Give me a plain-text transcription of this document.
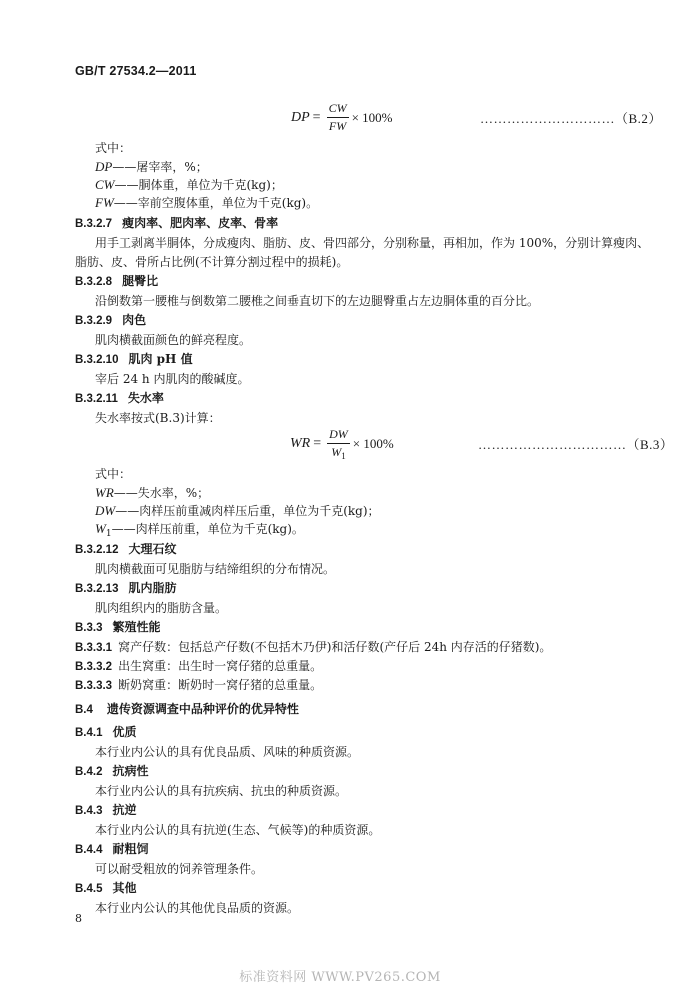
GB/T 27534.2—2011
DP = $\frac{CW}{FW} \times 100\%$	…………………………（B.2）
式中：
DP——屠宰率，%；
CW——胴体重，单位为千克(kg)；
FW——宰前空腹体重，单位为千克(kg)。
B.3.2.7 瘦肉率、肥肉率、皮率、骨率
用手工剥离半胴体，分成瘦肉、脂肪、皮、骨四部分，分别称量，再相加，作为 100%，分别计算瘦肉、
脂肪、皮、骨所占比例(不计算分割过程中的损耗)。
B.3.2.8 腿臀比
沿倒数第一腰椎与倒数第二腰椎之间垂直切下的左边腿臀重占左边胴体重的百分比。
B.3.2.9 肉色
肌肉横截面颜色的鲜亮程度。
B.3.2.10 肌肉 pH 值
宰后 24 h 内肌肉的酸碱度。
B.3.2.11 失水率
失水率按式(B.3)计算：
WR = $\frac{DW}{W_1} \times 100\%$	……………………………（B.3）
式中：
WR——失水率，%；
DW——肉样压前重减肉样压后重，单位为千克(kg)；
$W_1——$肉样压前重，单位为千克(kg)。
B.3.2.12 大理石纹
肌肉横截面可见脂肪与结缔组织的分布情况。
B.3.2.13 肌内脂肪
肌肉组织内的脂肪含量。
B.3.3 繁殖性能
B.3.3.1 窝产仔数：包括总产仔数(不包括木乃伊)和活仔数(产仔后 24h 内存活的仔猪数)。
B.3.3.2 出生窝重：出生时一窝仔猪的总重量。
B.3.3.3 断奶窝重：断奶时一窝仔猪的总重量。
B.4 遗传资源调查中品种评价的优异特性
B.4.1 优质
本行业内公认的具有优良品质、风味的种质资源。
B.4.2 抗病性
本行业内公认的具有抗疾病、抗虫的种质资源。
B.4.3 抗逆
本行业内公认的具有抗逆(生态、气候等)的种质资源。
B.4.4 耐粗饲
可以耐受粗放的饲养管理条件。
B.4.5 其他
本行业内公认的其他优良品质的资源。
8
标准资料网 WWW.PV265.COM
